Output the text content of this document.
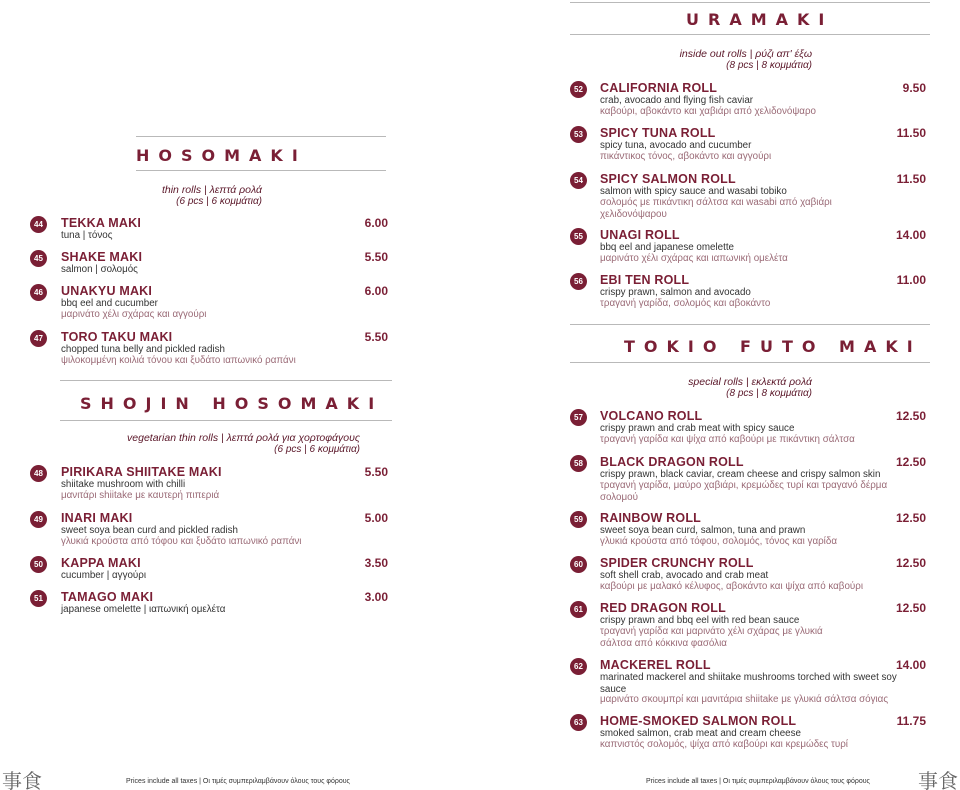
HOSOMAKI
thin rolls | λεπτά ρολά
(6 pcs | 6 κομμάτια)
44	TEKKA MAKI	6.00
tuna | τόνος
45	SHAKE MAKI	5.50
salmon | σολομός
46	UNAKYU MAKI	6.00
bbq eel and cucumber
μαρινάτο χέλι σχάρας και αγγούρι
47	TORO TAKU MAKI	5.50
chopped tuna belly and pickled radish
ψιλοκομμένη κοιλιά τόνου και ξυδάτο ιαπωνικό ραπάνι
SHOJIN HOSOMAKI
vegetarian thin rolls | λεπτά ρολά για χορτοφάγους
(6 pcs | 6 κομμάτια)
48	PIRIKARA SHIITAKE MAKI	5.50
shiitake mushroom with chilli
μανιτάρι shiitake με καυτερή πιπεριά
49	INARI MAKI	5.00
sweet soya bean curd and pickled radish
γλυκιά κρούστα από τόφου και ξυδάτο ιαπωνικό ραπάνι
50	KAPPA MAKI	3.50
cucumber | αγγούρι
51	TAMAGO MAKI	3.00
japanese omelette | ιαπωνική ομελέτα
URAMAKI
inside out rolls | ρύζι απ' έξω
(8 pcs | 8 κομμάτια)
52	CALIFORNIA ROLL	9.50
crab, avocado and flying fish caviar
καβούρι, αβοκάντο και χαβιάρι από χελιδονόψαρο
53	SPICY TUNA ROLL	11.50
spicy tuna, avocado and cucumber
πικάντικος τόνος, αβοκάντο και αγγούρι
54	SPICY SALMON ROLL	11.50
salmon with spicy sauce and wasabi tobiko
σολομός με πικάντικη σάλτσα και wasabi από χαβιάρι χελιδονόψαρου
55	UNAGI ROLL	14.00
bbq eel and japanese omelette
μαρινάτο χέλι σχάρας και ιαπωνική ομελέτα
56	EBI TEN ROLL	11.00
crispy prawn, salmon and avocado
τραγανή γαρίδα, σολομός και αβοκάντο
TOKIO FUTO MAKI
special rolls | εκλεκτά ρολά
(8 pcs | 8 κομμάτια)
57	VOLCANO ROLL	12.50
crispy prawn and crab meat with spicy sauce
τραγανή γαρίδα και ψίχα από καβούρι με πικάντικη σάλτσα
58	BLACK DRAGON ROLL	12.50
crispy prawn, black caviar, cream cheese and crispy salmon skin
τραγανή γαρίδα, μαύρο χαβιάρι, κρεμώδες τυρί και τραγανό δέρμα σολομού
59	RAINBOW ROLL	12.50
sweet soya bean curd, salmon, tuna and prawn
γλυκιά κρούστα από τόφου, σολομός, τόνος και γαρίδα
60	SPIDER CRUNCHY ROLL	12.50
soft shell crab, avocado and crab meat
καβούρι με μαλακό κέλυφος, αβοκάντο και ψίχα από καβούρι
61	RED DRAGON ROLL	12.50
crispy prawn and bbq eel with red bean sauce
τραγανή γαρίδα και μαρινάτο χέλι σχάρας με γλυκιά σάλτσα από κόκκινα φασόλια
62	MACKEREL ROLL	14.00
marinated mackerel and shiitake mushrooms torched with sweet soy sauce
μαρινάτο σκουμπρί και μανιτάρια shiitake με γλυκιά σάλτσα σόγιας
63	HOME-SMOKED SALMON ROLL	11.75
smoked salmon, crab meat and cream cheese
καπνιστός σολομός, ψίχα από καβούρι και κρεμώδες τυρί
事食	Prices include all taxes | Οι τιμές συμπεριλαμβάνουν όλους τους φόρους	Prices include all taxes | Οι τιμές συμπεριλαμβάνουν όλους τους φόρους 事食
